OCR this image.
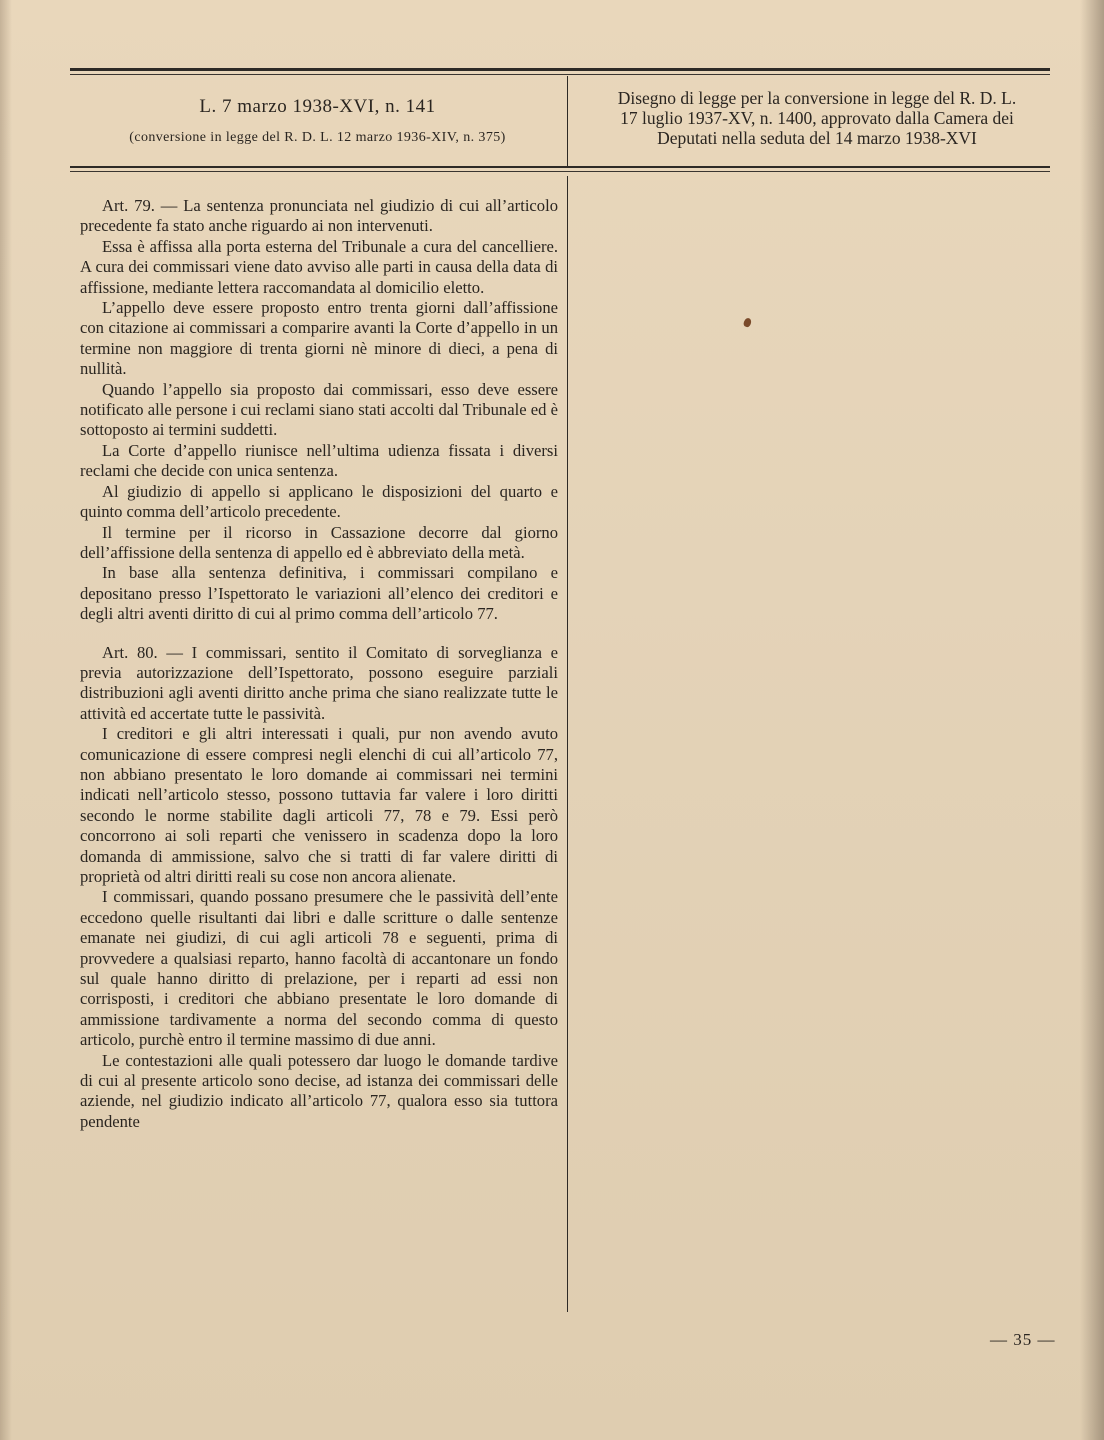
L. 7 marzo 1938-XVI, n. 141
(conversione in legge del R. D. L. 12 marzo 1936-XIV, n. 375)
Disegno di legge per la conversione in legge del R. D. L.
17 luglio 1937-XV, n. 1400, approvato dalla Camera dei
Deputati nella seduta del 14 marzo 1938-XVI

Art. 79. — La sentenza pronunciata nel giudizio di cui all’articolo precedente fa stato anche riguardo ai non intervenuti.

Essa è affissa alla porta esterna del Tribunale a cura del cancelliere. A cura dei commissari viene dato avviso alle parti in causa della data di affissione, mediante lettera raccomandata al domicilio eletto.

L’appello deve essere proposto entro trenta giorni dall’affissione con citazione ai commissari a comparire avanti la Corte d’appello in un termine non maggiore di trenta giorni nè minore di dieci, a pena di nullità.

Quando l’appello sia proposto dai commissari, esso deve essere notificato alle persone i cui reclami siano stati accolti dal Tribunale ed è sottoposto ai termini suddetti.

La Corte d’appello riunisce nell’ultima udienza fissata i diversi reclami che decide con unica sentenza.

Al giudizio di appello si applicano le disposizioni del quarto e quinto comma dell’articolo precedente.

Il termine per il ricorso in Cassazione decorre dal giorno dell’affissione della sentenza di appello ed è abbreviato della metà.

In base alla sentenza definitiva, i commissari compilano e depositano presso l’Ispettorato le variazioni all’elenco dei creditori e degli altri aventi diritto di cui al primo comma dell’articolo 77.

Art. 80. — I commissari, sentito il Comitato di sorveglianza e previa autorizzazione dell’Ispettorato, possono eseguire parziali distribuzioni agli aventi diritto anche prima che siano realizzate tutte le attività ed accertate tutte le passività.

I creditori e gli altri interessati i quali, pur non avendo avuto comunicazione di essere compresi negli elenchi di cui all’articolo 77, non abbiano presentato le loro domande ai commissari nei termini indicati nell’articolo stesso, possono tuttavia far valere i loro diritti secondo le norme stabilite dagli articoli 77, 78 e 79. Essi però concorrono ai soli reparti che venissero in scadenza dopo la loro domanda di ammissione, salvo che si tratti di far valere diritti di proprietà od altri diritti reali su cose non ancora alienate.

I commissari, quando possano presumere che le passività dell’ente eccedono quelle risultanti dai libri e dalle scritture o dalle sentenze emanate nei giudizi, di cui agli articoli 78 e seguenti, prima di provvedere a qualsiasi reparto, hanno facoltà di accantonare un fondo sul quale hanno diritto di prelazione, per i reparti ad essi non corrisposti, i creditori che abbiano presentate le loro domande di ammissione tardivamente a norma del secondo comma di questo articolo, purchè entro il termine massimo di due anni.

Le contestazioni alle quali potessero dar luogo le domande tardive di cui al presente articolo sono decise, ad istanza dei commissari delle aziende, nel giudizio indicato all’articolo 77, qualora esso sia tuttora pendente

— 35 —
